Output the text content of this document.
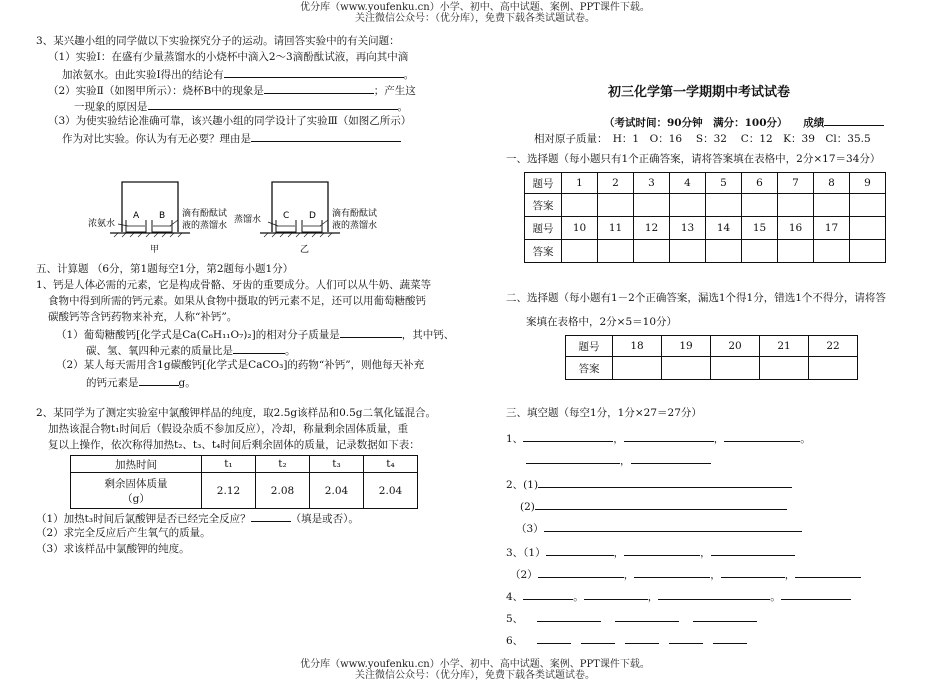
优分库（www.youfenku.cn）小学、初中、高中试题、案例、PPT课件下载。
关注微信公众号：（优分库），免费下载各类试题试卷。
3、某兴趣小组的同学做以下实验探究分子的运动。请回答实验中的有关问题：
（1）实验Ⅰ：在盛有少量蒸馏水的小烧杯中滴入2～3滴酚酞试液，再向其中滴
加浓氨水。由此实验Ⅰ得出的结论有	。
（2）实验Ⅱ（如图甲所示）：烧杯B中的现象是	；产生这
一现象的原因是	。
（3）为使实验结论准确可靠，该兴趣小组的同学设计了实验Ⅲ（如图乙所示）
作为对比实验。你认为有无必要？理由是
浓氨水
A B 滴有酚酞试
液的蒸馏水
甲
蒸馏水 C D 滴有酚酞试
液的蒸馏水
乙
五、计算题 （6分，第1题每空1分，第2题每小题1分）
1、钙是人体必需的元素，它是构成骨骼、牙齿的重要成分。人们可以从牛奶、蔬菜等
食物中得到所需的钙元素。如果从食物中摄取的钙元素不足，还可以用葡萄糖酸钙
碳酸钙等含钙药物来补充，人称“补钙”。
（1）葡萄糖酸钙[化学式是Ca(C₆H₁₁O₇)₂]的相对分子质量是	，其中钙、
碳、氢、氧四种元素的质量比是	。
（2）某人每天需用含1g碳酸钙[化学式是CaCO₃]的药物“补钙”，则他每天补充
的钙元素是	g。
2、某同学为了测定实验室中氯酸钾样品的纯度，取2.5g该样品和0.5g二氧化锰混合。
加热该混合物t₁时间后（假设杂质不参加反应），冷却，称量剩余固体质量，重
复以上操作，依次称得加热t₂、t₃、t₄时间后剩余固体的质量，记录数据如下表：
加热时间	t₁	t₂	t₃	t₄

剩余固体质量
（g）	2.12	2.08	2.04	2.04
（1）加热t₃时间后氯酸钾是否已经完全反应？	（填是或否）。
（2）求完全反应后产生氧气的质量。
（3）求该样品中氯酸钾的纯度。
初三化学第一学期期中考试试卷
（考试时间：90分钟　满分：100分）　　成绩
相对原子质量：　H：1　O：16　 S：32　 C：12　K：39　Cl：35.5
一、选择题（每小题只有1个正确答案，请将答案填在表格中，2分×17＝34分）
题号	1	2	3	4	5	6	7	8	9
答案									
题号	10	11	12	13	14	15	16	17	
答案									
二、选择题（每小题有1－2个正确答案，漏选1个得1分，错选1个不得分，请将答
案填在表格中，2分×5＝10分）
题号	18	19	20	21	22
答案					
三、填空题（每空1分，1分×27＝27分）
1、	，	，	。
，
2、(1)
(2)
（3）
3、（1）	，	，
（2）	，	，	，
4、	。	，	。
5、
6、
优分库（www.youfenku.cn）小学、初中、高中试题、案例、PPT课件下载。
关注微信公众号：（优分库），免费下载各类试题试卷。
